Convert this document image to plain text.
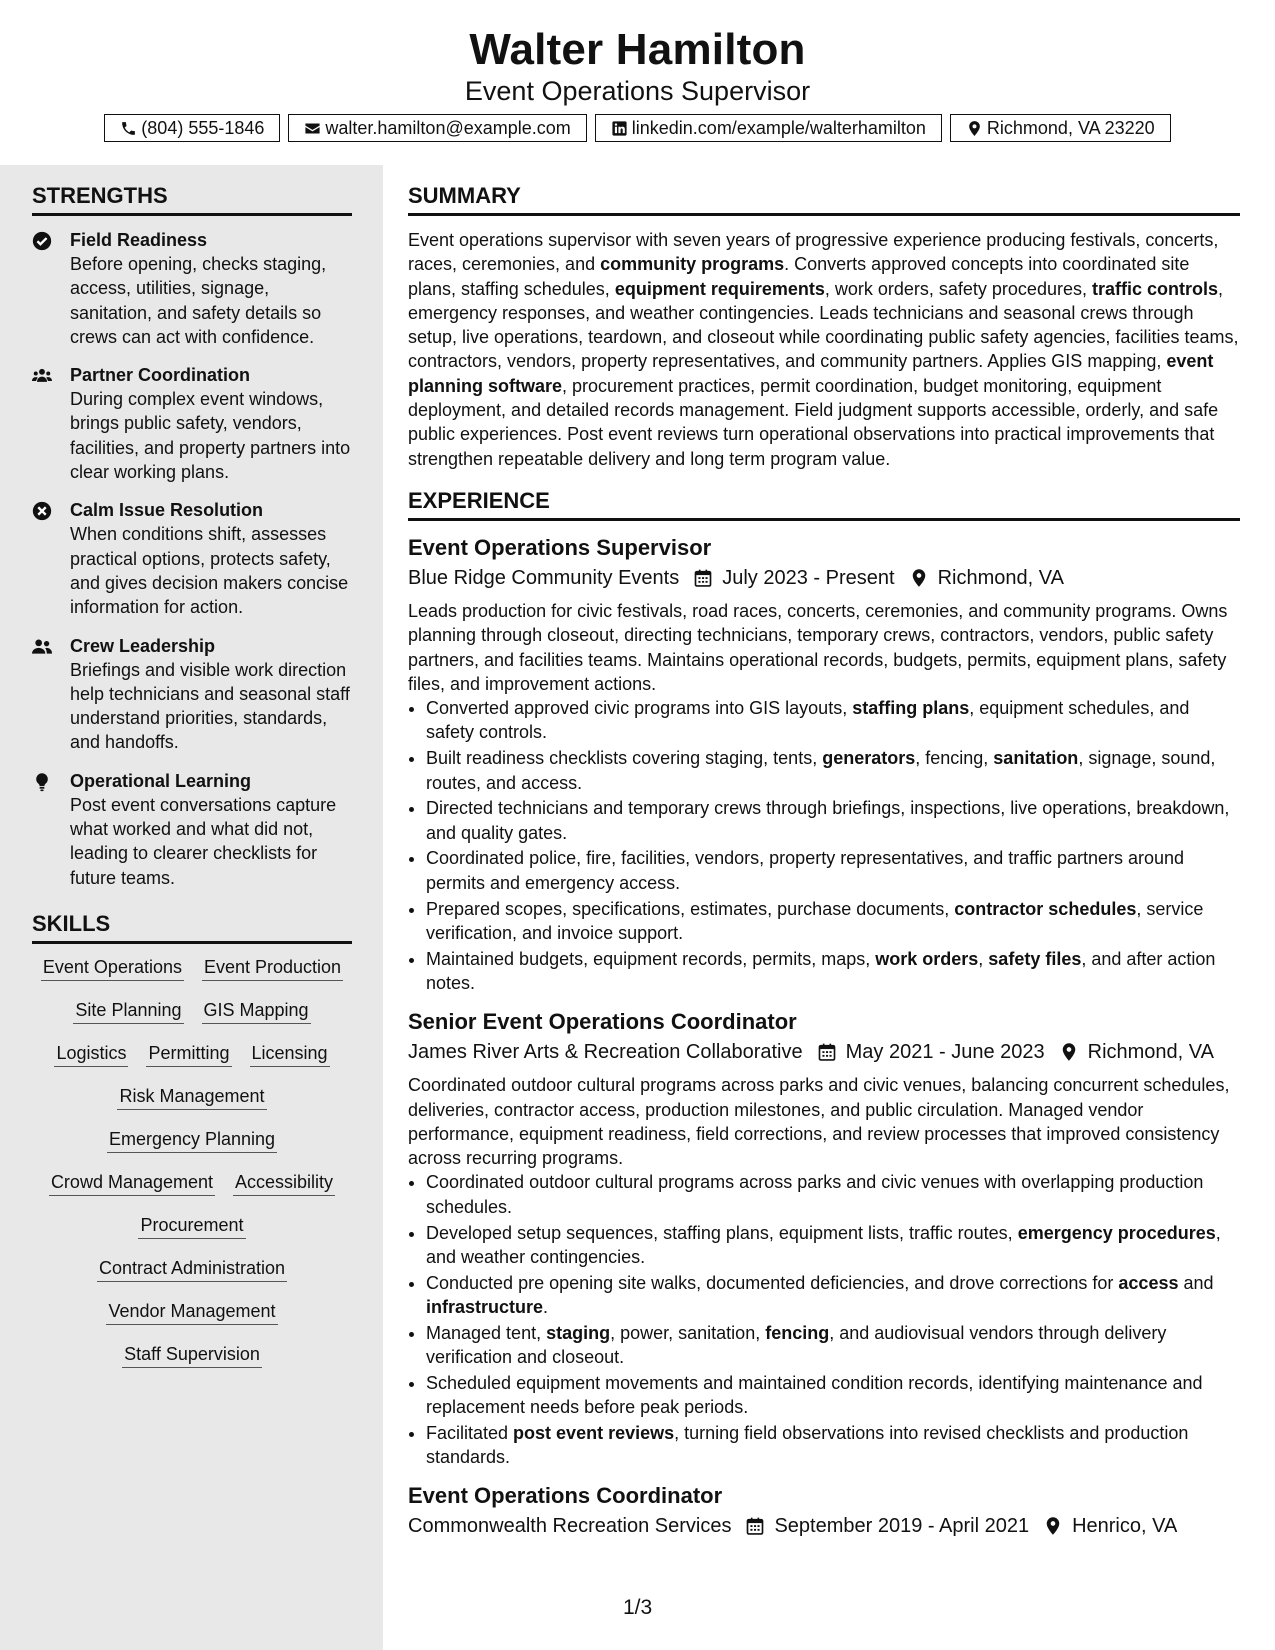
Walter Hamilton
Event Operations Supervisor
(804) 555-1846	walter.hamilton@example.com	linkedin.com/example/walterhamilton	Richmond, VA 23220
STRENGTHS
Field Readiness
Before opening, checks staging, access, utilities, signage, sanitation, and safety details so crews can act with confidence.
Partner Coordination
During complex event windows, brings public safety, vendors, facilities, and property partners into clear working plans.
Calm Issue Resolution
When conditions shift, assesses practical options, protects safety, and gives decision makers concise information for action.
Crew Leadership
Briefings and visible work direction help technicians and seasonal staff understand priorities, standards, and handoffs.
Operational Learning
Post event conversations capture what worked and what did not, leading to clearer checklists for future teams.
SKILLS
Event Operations Event Production
Site Planning GIS Mapping
Logistics Permitting Licensing
Risk Management
Emergency Planning
Crowd Management Accessibility
Procurement
Contract Administration
Vendor Management
Staff Supervision
SUMMARY

Event operations supervisor with seven years of progressive experience producing festivals, concerts, races, ceremonies, and community programs. Converts approved concepts into coordinated site plans, staffing schedules, equipment requirements, work orders, safety procedures, traffic controls, emergency responses, and weather contingencies. Leads technicians and seasonal crews through setup, live operations, teardown, and closeout while coordinating public safety agencies, facilities teams, contractors, vendors, property representatives, and community partners. Applies GIS mapping, event planning software, procurement practices, permit coordination, budget monitoring, equipment deployment, and detailed records management. Field judgment supports accessible, orderly, and safe public experiences. Post event reviews turn operational observations into practical improvements that strengthen repeatable delivery and long term program value.

EXPERIENCE
Event Operations Supervisor
Blue Ridge Community Events July 2023 - Present Richmond, VA

Leads production for civic festivals, road races, concerts, ceremonies, and community programs. Owns planning through closeout, directing technicians, temporary crews, contractors, vendors, public safety partners, and facilities teams. Maintains operational records, budgets, permits, equipment plans, safety files, and improvement actions.

• Converted approved civic programs into GIS layouts, staffing plans, equipment schedules, and safety controls.
• Built readiness checklists covering staging, tents, generators, fencing, sanitation, signage, sound, routes, and access.
• Directed technicians and temporary crews through briefings, inspections, live operations, breakdown, and quality gates.
• Coordinated police, fire, facilities, vendors, property representatives, and traffic partners around permits and emergency access.
• Prepared scopes, specifications, estimates, purchase documents, contractor schedules, service verification, and invoice support.
• Maintained budgets, equipment records, permits, maps, work orders, safety files, and after action notes.
Senior Event Operations Coordinator
James River Arts & Recreation Collaborative May 2021 - June 2023 Richmond, VA

Coordinated outdoor cultural programs across parks and civic venues, balancing concurrent schedules, deliveries, contractor access, production milestones, and public circulation. Managed vendor performance, equipment readiness, field corrections, and review processes that improved consistency across recurring programs.

• Coordinated outdoor cultural programs across parks and civic venues with overlapping production schedules.
• Developed setup sequences, staffing plans, equipment lists, traffic routes, emergency procedures, and weather contingencies.
• Conducted pre opening site walks, documented deficiencies, and drove corrections for access and infrastructure.
• Managed tent, staging, power, sanitation, fencing, and audiovisual vendors through delivery verification and closeout.
• Scheduled equipment movements and maintained condition records, identifying maintenance and replacement needs before peak periods.
• Facilitated post event reviews, turning field observations into revised checklists and production standards.
Event Operations Coordinator
Commonwealth Recreation Services September 2019 - April 2021 Henrico, VA
1/3
